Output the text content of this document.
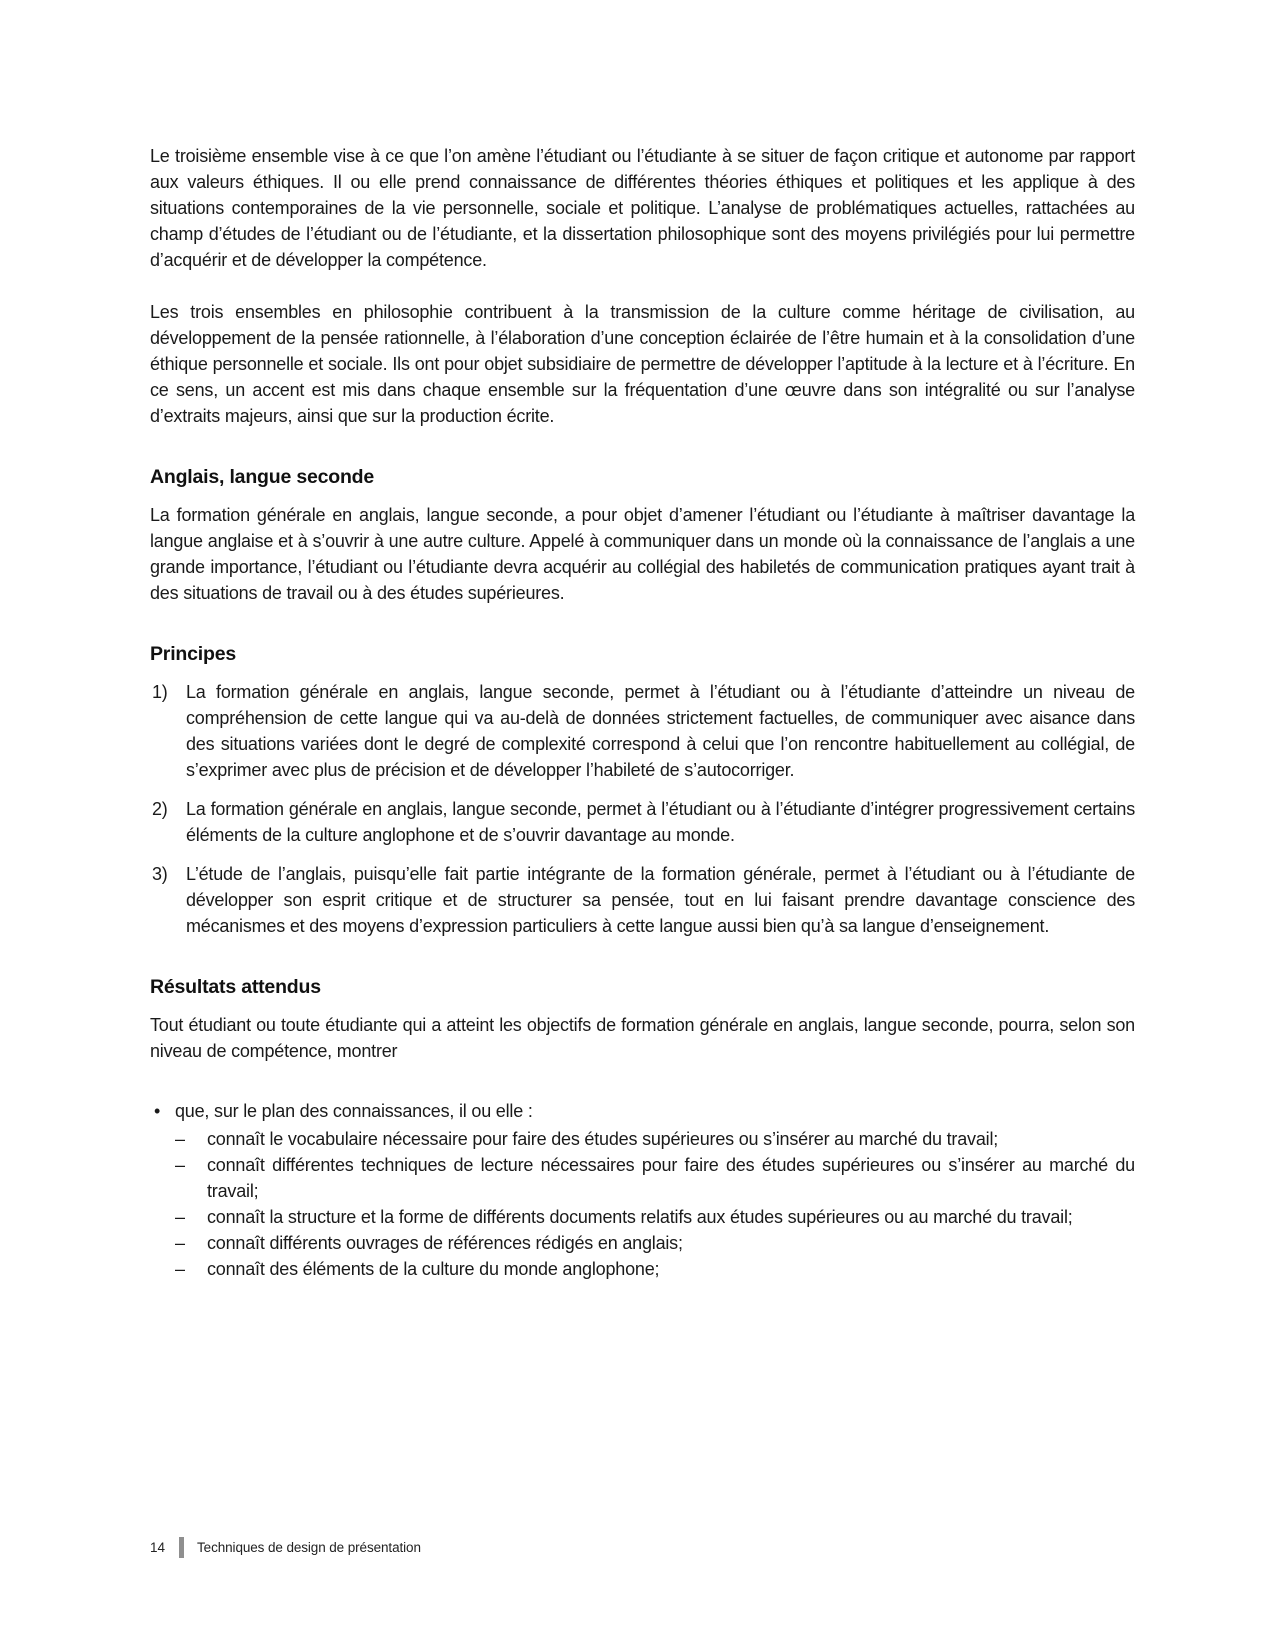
Le troisième ensemble vise à ce que l’on amène l’étudiant ou l’étudiante à se situer de façon critique et autonome par rapport aux valeurs éthiques. Il ou elle prend connaissance de différentes théories éthiques et politiques et les applique à des situations contemporaines de la vie personnelle, sociale et politique. L’analyse de problématiques actuelles, rattachées au champ d’études de l’étudiant ou de l’étudiante, et la dissertation philosophique sont des moyens privilégiés pour lui permettre d’acquérir et de développer la compétence.

Les trois ensembles en philosophie contribuent à la transmission de la culture comme héritage de civilisation, au développement de la pensée rationnelle, à l’élaboration d’une conception éclairée de l’être humain et à la consolidation d’une éthique personnelle et sociale. Ils ont pour objet subsidiaire de permettre de développer l’aptitude à la lecture et à l’écriture. En ce sens, un accent est mis dans chaque ensemble sur la fréquentation d’une œuvre dans son intégralité ou sur l’analyse d’extraits majeurs, ainsi que sur la production écrite.

Anglais, langue seconde

La formation générale en anglais, langue seconde, a pour objet d’amener l’étudiant ou l’étudiante à maîtriser davantage la langue anglaise et à s’ouvrir à une autre culture. Appelé à communiquer dans un monde où la connaissance de l’anglais a une grande importance, l’étudiant ou l’étudiante devra acquérir au collégial des habiletés de communication pratiques ayant trait à des situations de travail ou à des études supérieures.

Principes
1)	La formation générale en anglais, langue seconde, permet à l’étudiant ou à l’étudiante d’atteindre un niveau de compréhension de cette langue qui va au-delà de données strictement factuelles, de communiquer avec aisance dans des situations variées dont le degré de complexité correspond à celui que l’on rencontre habituellement au collégial, de s’exprimer avec plus de précision et de développer l’habileté de s’autocorriger.

2)	La formation générale en anglais, langue seconde, permet à l’étudiant ou à l’étudiante d’intégrer progressivement certains éléments de la culture anglophone et de s’ouvrir davantage au monde.

3)	L’étude de l’anglais, puisqu’elle fait partie intégrante de la formation générale, permet à l’étudiant ou à l’étudiante de développer son esprit critique et de structurer sa pensée, tout en lui faisant prendre davantage conscience des mécanismes et des moyens d’expression particuliers à cette langue aussi bien qu’à sa langue d’enseignement.

Résultats attendus

Tout étudiant ou toute étudiante qui a atteint les objectifs de formation générale en anglais, langue seconde, pourra, selon son niveau de compétence, montrer

• que, sur le plan des connaissances, il ou elle :

–	connaît le vocabulaire nécessaire pour faire des études supérieures ou s’insérer au marché du travail;

–	connaît différentes techniques de lecture nécessaires pour faire des études supérieures ou s’insérer au marché du travail;

–	connaît la structure et la forme de différents documents relatifs aux études supérieures ou au marché du travail;

–	connaît différents ouvrages de références rédigés en anglais;

–	connaît des éléments de la culture du monde anglophone;

14 Techniques de design de présentation
